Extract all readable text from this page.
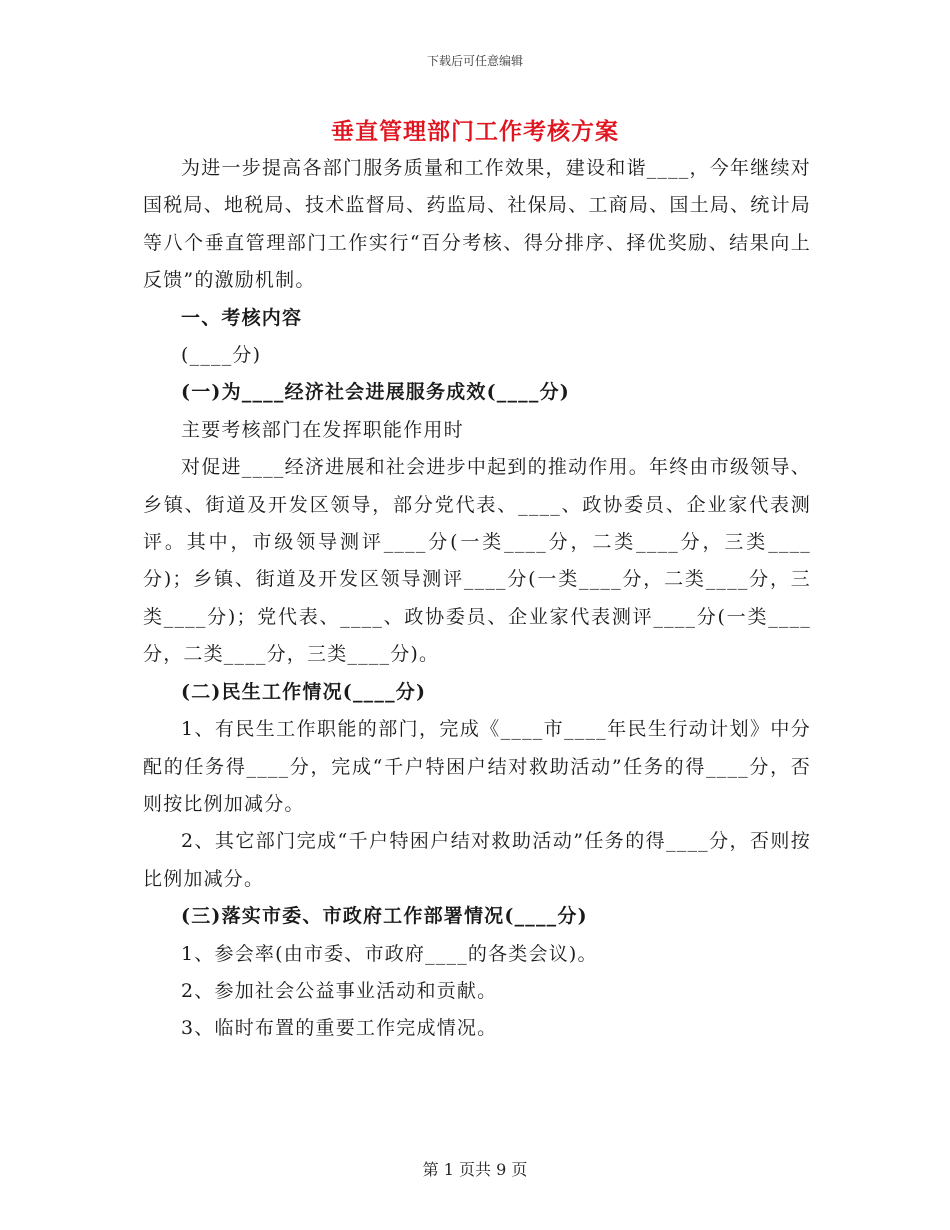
下载后可任意编辑
垂直管理部门工作考核方案

为进一步提高各部门服务质量和工作效果，建设和谐____，今年继续对国税局、地税局、技术监督局、药监局、社保局、工商局、国土局、统计局等八个垂直管理部门工作实行“百分考核、得分排序、择优奖励、结果向上反馈”的激励机制。

一、考核内容

(____分)

(一)为____经济社会进展服务成效(____分)

主要考核部门在发挥职能作用时

对促进____经济进展和社会进步中起到的推动作用。年终由市级领导、乡镇、街道及开发区领导，部分党代表、____、政协委员、企业家代表测评。其中，市级领导测评____分(一类____分，二类____分，三类____分)；乡镇、街道及开发区领导测评____分(一类____分，二类____分，三类____分)；党代表、____、政协委员、企业家代表测评____分(一类____分，二类____分，三类____分)。

(二)民生工作情况(____分)

1、有民生工作职能的部门，完成《____市____年民生行动计划》中分配的任务得____分，完成“千户特困户结对救助活动”任务的得____分，否则按比例加减分。

2、其它部门完成“千户特困户结对救助活动”任务的得____分，否则按比例加减分。

(三)落实市委、市政府工作部署情况(____分)

1、参会率(由市委、市政府____的各类会议)。

2、参加社会公益事业活动和贡献。

3、临时布置的重要工作完成情况。

第 1 页共 9 页
